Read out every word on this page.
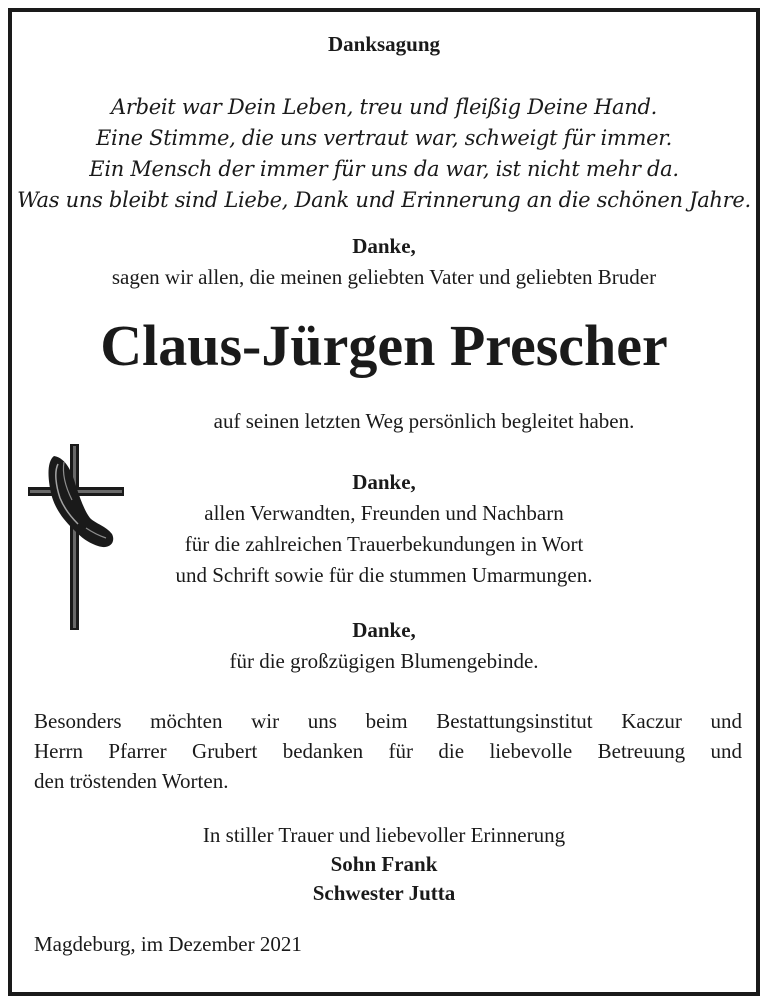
Danksagung
Arbeit war Dein Leben, treu und fleißig Deine Hand.
Eine Stimme, die uns vertraut war, schweigt für immer.
Ein Mensch der immer für uns da war, ist nicht mehr da.
Was uns bleibt sind Liebe, Dank und Erinnerung an die schönen Jahre.
Danke,
sagen wir allen, die meinen geliebten Vater und geliebten Bruder
Claus-Jürgen Prescher
auf seinen letzten Weg persönlich begleitet haben.
Danke,
allen Verwandten, Freunden und Nachbarn
für die zahlreichen Trauerbekundungen in Wort
und Schrift sowie für die stummen Umarmungen.
Danke,
für die großzügigen Blumengebinde.
Besonders möchten wir uns beim Bestattungsinstitut Kaczur und
Herrn Pfarrer Grubert bedanken für die liebevolle Betreuung und
den tröstenden Worten.
In stiller Trauer und liebevoller Erinnerung
Sohn Frank
Schwester Jutta
Magdeburg, im Dezember 2021
